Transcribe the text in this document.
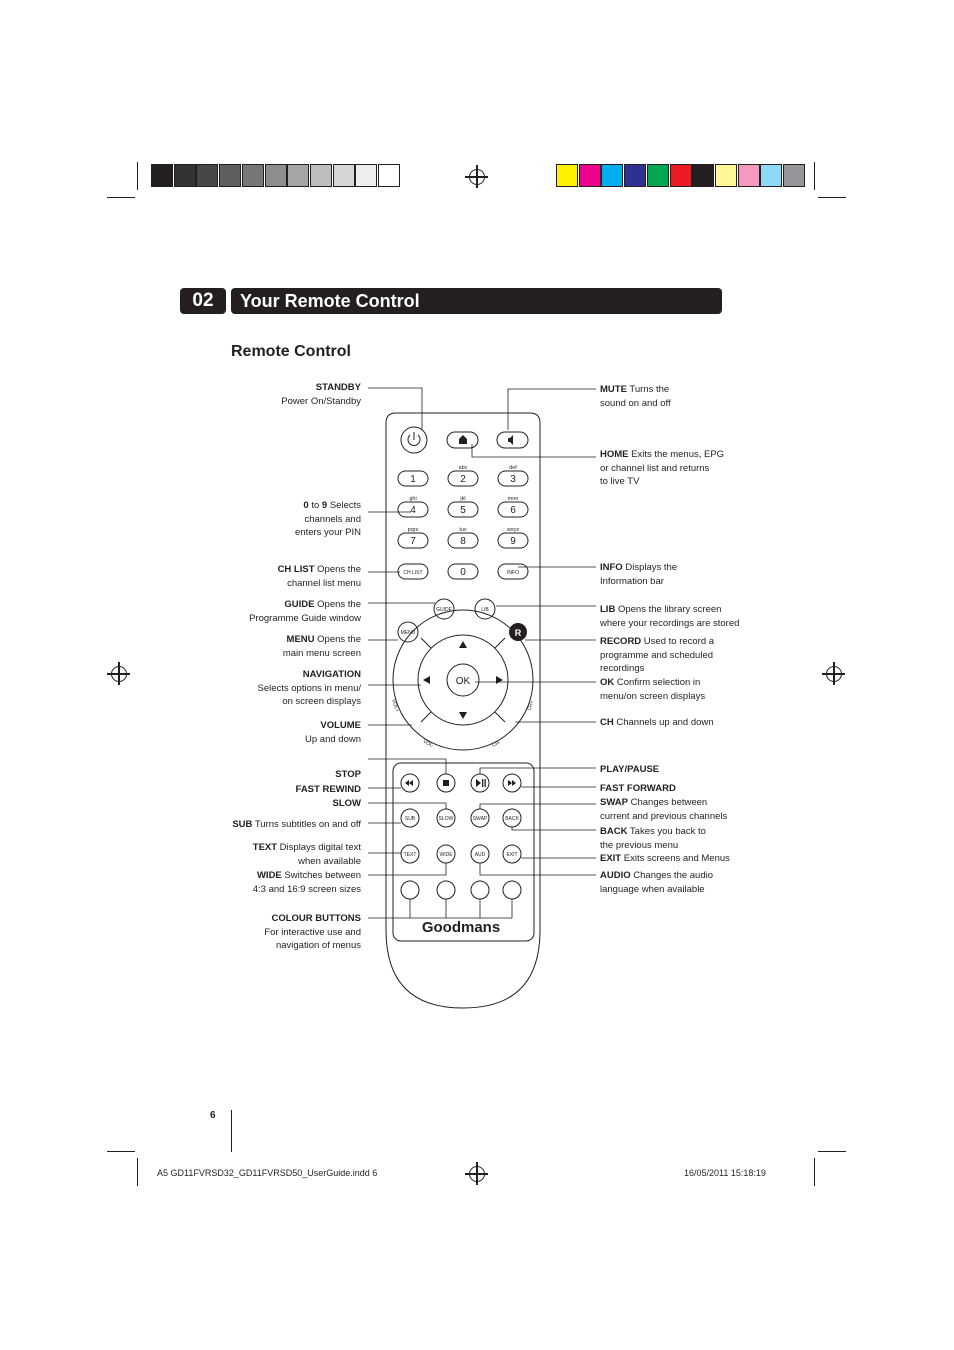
02	Your Remote Control
Remote Control
OK
R
CH LIST	INFO
GUIDE	LIB
MENU
SUB	SLOW	SWAP	BACK
TEXT	WIDE	AUD	EXIT
VOL+
VOL-
CH+
CH-
1	2
abc
3
def
4
ghi
5
jkl
6
mno
7
pqrs
8
tuv
9
wxyz
0
Goodmans
STANDBY
Power On/Standby
0 to 9 Selects
channels and
enters your PIN
CH LIST Opens the
channel list menu
GUIDE Opens the
Programme Guide window
MENU Opens the
main menu screen
NAVIGATION
Selects options in menu/
on screen displays
VOLUME
Up and down
STOP
FAST REWIND
SLOW
SUB Turns subtitles on and off
TEXT Displays digital text
when available
WIDE Switches between
4:3 and 16:9 screen sizes
COLOUR BUTTONS
For interactive use and
navigation of menus
MUTE Turns the
sound on and off
HOME Exits the menus, EPG
or channel list and returns
to live TV
INFO Displays the
Information bar
LIB Opens the library screen
where your recordings are stored
RECORD Used to record a
programme and scheduled
recordings
OK Confirm selection in
menu/on screen displays
CH Channels up and down
PLAY/PAUSE
FAST FORWARD
SWAP Changes between
current and previous channels
BACK Takes you back to
the previous menu
EXIT Exits screens and Menus
AUDIO Changes the audio
language when available
6
A5 GD11FVRSD32_GD11FVRSD50_UserGuide.indd 6	16/05/2011 15:18:19
